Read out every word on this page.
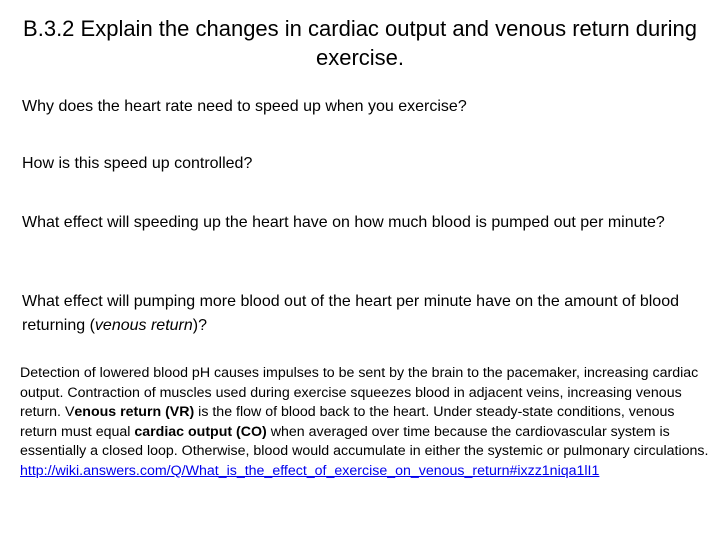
B.3.2 Explain the changes in cardiac output and venous return during exercise.
Why does the heart rate need to speed up when you exercise?
How is this speed up controlled?
What effect will speeding up the heart have on how much blood is pumped out per minute?
What effect will pumping more blood out of the heart per minute have on the amount of blood returning (venous return)?
Detection of lowered blood pH causes impulses to be sent by the brain to the pacemaker, increasing cardiac output. Contraction of muscles used during exercise squeezes blood in adjacent veins, increasing venous return. Venous return (VR) is the flow of blood back to the heart. Under steady-state conditions, venous return must equal cardiac output (CO) when averaged over time because the cardiovascular system is essentially a closed loop. Otherwise, blood would accumulate in either the systemic or pulmonary circulations. http://wiki.answers.com/Q/What_is_the_effect_of_exercise_on_venous_return#ixzz1niqa1lI1
